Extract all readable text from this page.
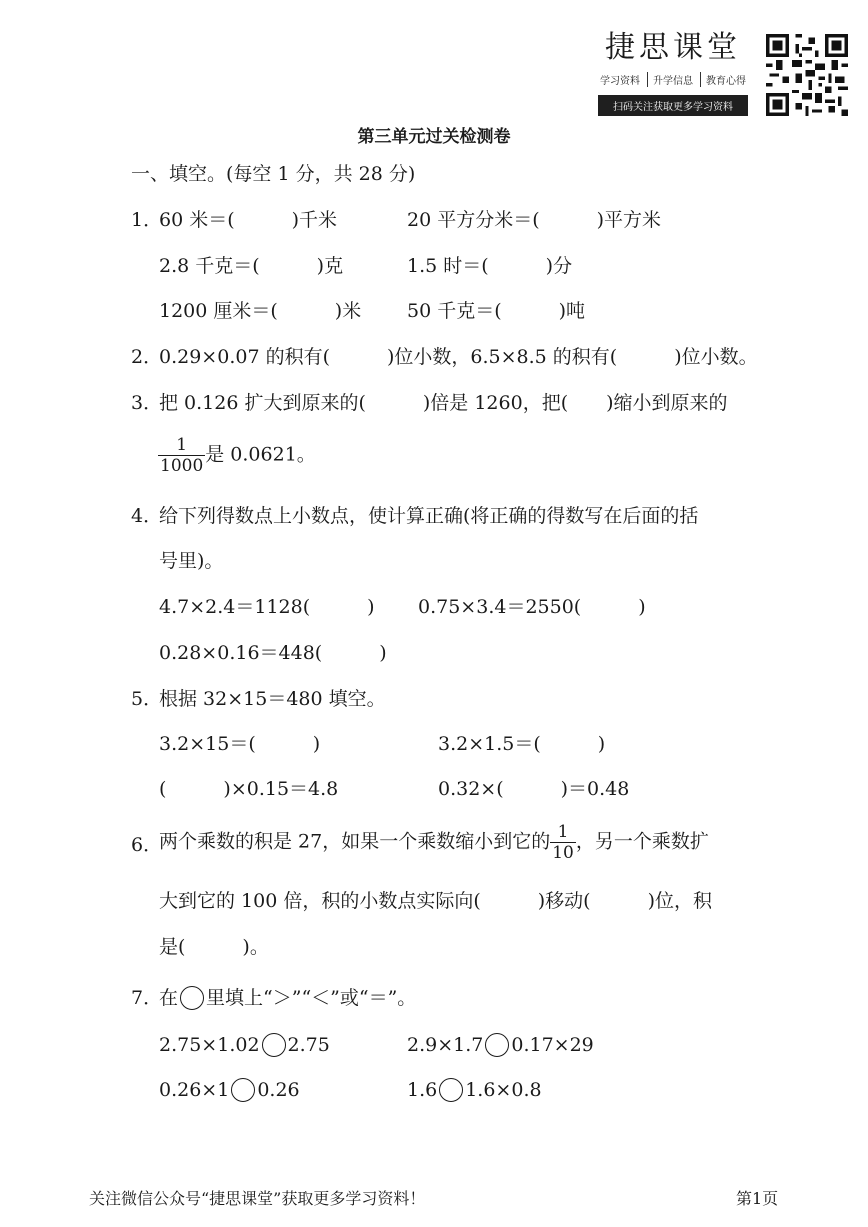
捷思课堂
学习资料	升学信息	教育心得
扫码关注获取更多学习资料
第三单元过关检测卷
一、填空。(每空 1 分，共 28 分)
1．
60 米＝(　　　)千米	20 平方分米＝(　　　)平方米
2.8 千克＝(　　　)克	1.5 时＝(　　　)分
1200 厘米＝(　　　)米 50 千克＝(　　　)吨
2．
0.29×0.07 的积有(　　　)位小数，6.5×8.5 的积有(　　　)位小数。
3．
把 0.126 扩大到原来的(　　　)倍是 1260，把(　　)缩小到原来的
$\frac{1}{1000}$ 是 0.0621。
4．
给下列得数点上小数点，使计算正确(将正确的得数写在后面的括
号里)。
4.7×2.4＝1128(　　　) 0.75×3.4＝2550(　　　)
0.28×0.16＝448(　　　)
5．
根据 32×15＝480 填空。
3.2×15＝(　　　)	3.2×1.5＝(　　　)
(　　　)×0.15＝4.8	0.32×(　　　)＝0.48
6．
两个乘数的积是 27，如果一个乘数缩小到它的 $\frac{1}{10}$ ，另一个乘数扩
大到它的 100 倍，积的小数点实际向(　　　)移动(　　　)位，积
是(　　　)。
7．
在 里填上“＞”“＜”或“＝”。
2.75×1.02 2.75	2.9×1.7 0.17×29
0.26×1 0.26	1.6 1.6×0.8
关注微信公众号“捷思课堂”获取更多学习资料！	第1页
